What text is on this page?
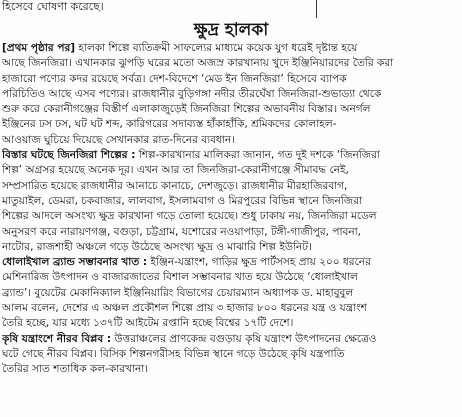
হিসেবে ঘোষণা করেছে।
ক্ষুদ্র হালকা

[প্রথম পৃষ্ঠার পর] হালকা শিল্পে ব্যতিক্রমী সাফল্যের মাধ্যমে কয়েক যুগ ধরেই দৃষ্টান্ত হয়ে
আছে জিনজিরা। এখানকার ঝুপড়ি ঘরের মতো অজস্র কারখানায় খুদে ইঞ্জিনিয়ারদের তৈরি করা
হাজারো পণ্যের কদর রয়েছে সর্বত্র। দেশ-বিদেশে ‘মেড ইন জিনজিরা’ হিসেবে ব্যাপক
পরিচিতিও আছে এসব পণ্যের। রাজধানীর বুড়িগঙ্গা নদীর তীরঘেঁষা জিনজিরা-শুভাড্যা থেকে
শুরু করে কেরানীগঞ্জের বিস্তীর্ণ এলাকাজুড়েই জিনজিরা শিল্পের অভাবনীয় বিস্তার। অনর্গল
ইঞ্জিনের ঢস ঢস, ঘট ঘট শব্দ, কারিগরের সদাব্যস্ত হাঁকাহাঁকি, শ্রমিকদের কোলাহল-
আওয়াজ ঘুচিয়ে দিয়েছে সেখানকার রাত-দিনের ব্যবধান।

বিস্তার ঘটছে জিনজিরা শিল্পের : শিল্প-কারখানার মালিকরা জানান, গত দুই দশকে ‘জিনজিরা
শিল্প’ অগ্রসর হয়েছে অনেক দূর। এখন আর তা জিনজিরা-কেরানীগঞ্জে সীমাবদ্ধ নেই,
সম্প্রসারিত হয়েছে রাজধানীর আনাচে কানাচে, দেশজুড়ে। রাজধানীর মীরহাজিরবাগ,
মাতুয়াইল, ডেমরা, চকবাজার, লালবাগ, ইসলামবাগ ও মিরপুরের বিভিন্ন স্থানে জিনজিরা
শিল্পের আদলে অসংখ্য ক্ষুদ্র কারখানা গড়ে তোলা হয়েছে। শুধু ঢাকায় নয়, জিনজিরা মডেল
অনুসরণ করে নারায়ণগঞ্জ, বগুড়া, চট্টগ্রাম, যশোরের নওয়াপাড়া, টঙ্গী-গাজীপুর, পাবনা,
নাটোর, রাজশাহী অঞ্চলে গড়ে উঠেছে অসংখ্য ক্ষুদ্র ও মাঝারি শিল্প ইউনিট।

ধোলাইখাল ব্র্যান্ড সম্ভাবনার খাত : ইঞ্জিন-যন্ত্রাংশ, গাড়ির ক্ষুদ্র পার্টসসহ প্রায় ২০০ ধরনের
মেশিনারিজ উৎপাদন ও বাজারজাতের বিশাল সম্ভাবনার খাত হয়ে উঠেছে ‘ধোলাইখাল
ব্র্যান্ড’। বুয়েটের মেকানিক্যাল ইঞ্জিনিয়ারিং বিভাগের চেয়ারম্যান অধ্যাপক ড. মাহাবুবুল
আলম বলেন, দেশের এ অঞ্চল প্রকৌশল শিল্পে প্রায় ৩ হাজার ৮০০ ধরনের যন্ত্র ও যন্ত্রাংশ
তৈরি হচ্ছে, যার মধ্যে ১৩৭টি আইটেম রপ্তানি হচ্ছে বিশ্বের ১৭টি দেশে।

কৃষি যন্ত্রাংশে নীরব বিপ্লব : উত্তরাঞ্চলের প্রাণকেন্দ্র বগুড়ায় কৃষি যন্ত্রাংশ উৎপাদনের ক্ষেত্রেও
ঘটে গেছে নীরব বিপ্লব। বিসিক শিল্পনগরীসহ বিভিন্ন স্থানে গড়ে উঠেছে কৃষি যন্ত্রপাতি
তৈরির সাত শতাধিক কল-কারখানা।
